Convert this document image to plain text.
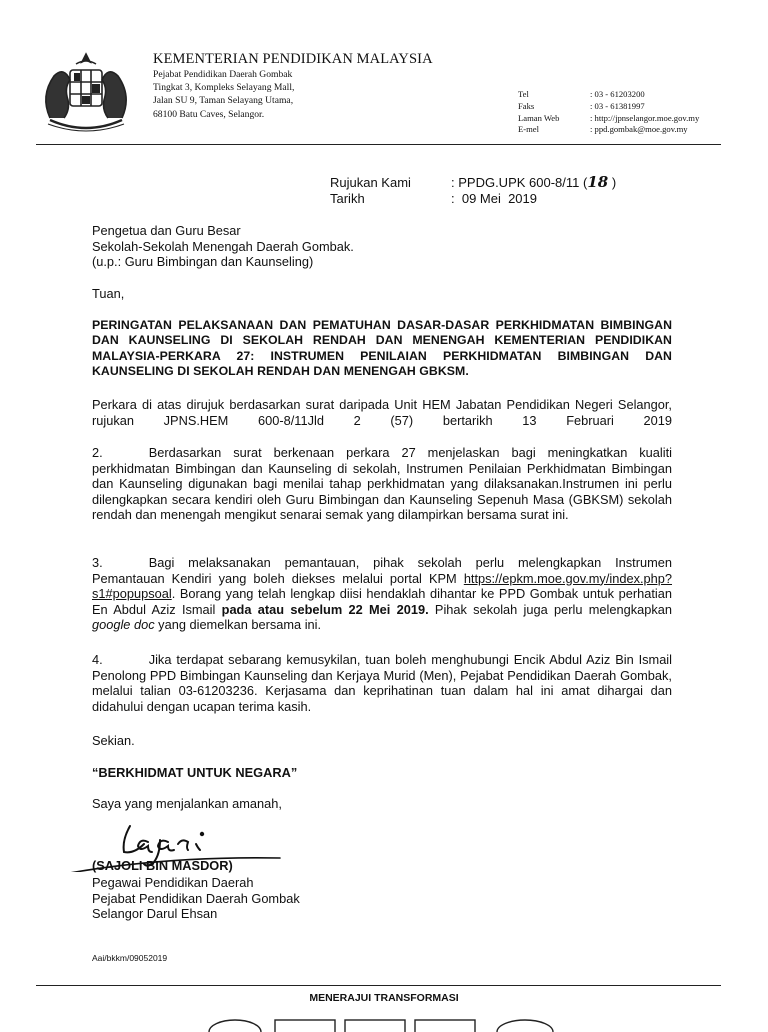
KEMENTERIAN PENDIDIKAN MALAYSIA
Pejabat Pendidikan Daerah Gombak
Tingkat 3, Kompleks Selayang Mall,
Jalan SU 9, Taman Selayang Utama,
68100 Batu Caves, Selangor.
Tel	: 03 - 61203200
Faks	: 03 - 61381997
Laman Web	: http://jpnselangor.moe.gov.my
E-mel	: ppd.gombak@moe.gov.my
Rujukan Kami	: PPDG.UPK 600-8/11 (18 )
Tarikh	:  09 Mei  2019
Pengetua dan Guru Besar
Sekolah-Sekolah Menengah Daerah Gombak.
(u.p.: Guru Bimbingan dan Kaunseling)
Tuan,
PERINGATAN PELAKSANAAN DAN PEMATUHAN DASAR-DASAR PERKHIDMATAN BIMBINGAN DAN KAUNSELING DI SEKOLAH RENDAH DAN MENENGAH KEMENTERIAN PENDIDIKAN MALAYSIA-PERKARA 27: INSTRUMEN PENILAIAN PERKHIDMATAN BIMBINGAN DAN KAUNSELING DI SEKOLAH RENDAH DAN MENENGAH GBKSM.
Perkara di atas dirujuk berdasarkan surat daripada Unit HEM Jabatan Pendidikan Negeri Selangor, rujukan JPNS.HEM 600-8/11Jld 2 (57) bertarikh 13 Februari 2019
2.	Berdasarkan surat berkenaan perkara 27 menjelaskan bagi meningkatkan kualiti perkhidmatan Bimbingan dan Kaunseling di sekolah, Instrumen Penilaian Perkhidmatan Bimbingan dan Kaunseling digunakan bagi menilai tahap perkhidmatan yang dilaksanakan.Instrumen ini perlu dilengkapkan secara kendiri oleh Guru Bimbingan dan Kaunseling Sepenuh Masa (GBKSM) sekolah rendah dan menengah mengikut senarai semak yang dilampirkan bersama surat ini.
3.	Bagi melaksanakan pemantauan, pihak sekolah perlu melengkapkan Instrumen Pemantauan Kendiri yang boleh diekses melalui portal KPM https://epkm.moe.gov.my/index.php?s1#popupsoal. Borang yang telah lengkap diisi hendaklah dihantar ke PPD Gombak untuk perhatian En Abdul Aziz Ismail pada atau sebelum 22 Mei 2019. Pihak sekolah juga perlu melengkapkan google doc yang diemelkan bersama ini.
4.	Jika terdapat sebarang kemusykilan, tuan boleh menghubungi Encik Abdul Aziz Bin Ismail Penolong PPD Bimbingan Kaunseling dan Kerjaya Murid (Men), Pejabat Pendidikan Daerah Gombak, melalui talian 03-61203236. Kerjasama dan keprihatinan tuan dalam hal ini amat dihargai dan didahului dengan ucapan terima kasih.
Sekian.
“BERKHIDMAT UNTUK NEGARA”
Saya yang menjalankan amanah,
(SAJOLI BIN MASDOR)
Pegawai Pendidikan Daerah
Pejabat Pendidikan Daerah Gombak
Selangor Darul Ehsan
Aai/bkkm/09052019
MENERAJUI TRANSFORMASI
